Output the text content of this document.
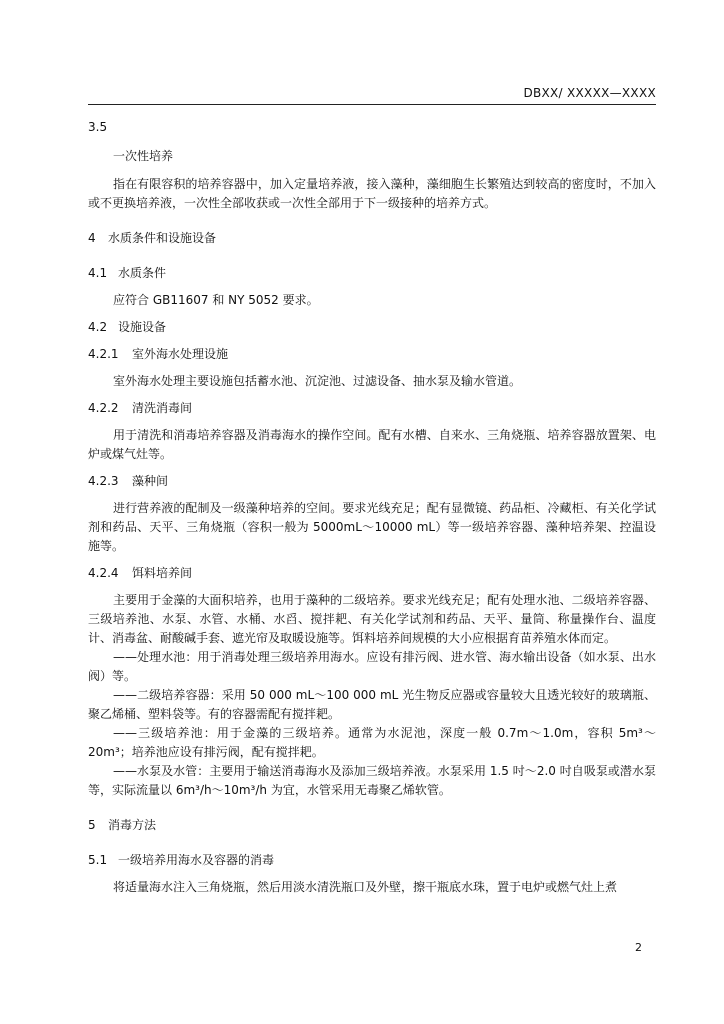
DBXX/ XXXXX—XXXX

3.5

一次性培养

指在有限容积的培养容器中，加入定量培养液，接入藻种，藻细胞生长繁殖达到较高的密度时，不加入或不更换培养液，一次性全部收获或一次性全部用于下一级接种的培养方式。

4 水质条件和设施设备

4.1 水质条件

应符合 GB11607 和 NY 5052 要求。

4.2 设施设备

4.2.1 室外海水处理设施

室外海水处理主要设施包括蓄水池、沉淀池、过滤设备、抽水泵及输水管道。

4.2.2 清洗消毒间

用于清洗和消毒培养容器及消毒海水的操作空间。配有水槽、自来水、三角烧瓶、培养容器放置架、电炉或煤气灶等。

4.2.3 藻种间

进行营养液的配制及一级藻种培养的空间。要求光线充足；配有显微镜、药品柜、冷藏柜、有关化学试剂和药品、天平、三角烧瓶（容积一般为 5000mL～10000 mL）等一级培养容器、藻种培养架、控温设施等。

4.2.4 饵料培养间

主要用于金藻的大面积培养，也用于藻种的二级培养。要求光线充足；配有处理水池、二级培养容器、三级培养池、水泵、水管、水桶、水舀、搅拌耙、有关化学试剂和药品、天平、量筒、称量操作台、温度计、消毒盆、耐酸碱手套、遮光帘及取暖设施等。饵料培养间规模的大小应根据育苗养殖水体而定。

——处理水池：用于消毒处理三级培养用海水。应设有排污阀、进水管、海水输出设备（如水泵、出水阀）等。

——二级培养容器：采用 50 000 mL～100 000 mL 光生物反应器或容量较大且透光较好的玻璃瓶、聚乙烯桶、塑料袋等。有的容器需配有搅拌耙。

——三级培养池：用于金藻的三级培养。通常为水泥池，深度一般 0.7m～1.0m，容积 5m³～20m³；培养池应设有排污阀，配有搅拌耙。

——水泵及水管：主要用于输送消毒海水及添加三级培养液。水泵采用 1.5 吋～2.0 吋自吸泵或潜水泵等，实际流量以 6m³/h～10m³/h 为宜，水管采用无毒聚乙烯软管。

5 消毒方法

5.1 一级培养用海水及容器的消毒

将适量海水注入三角烧瓶，然后用淡水清洗瓶口及外壁，擦干瓶底水珠，置于电炉或燃气灶上煮

2
